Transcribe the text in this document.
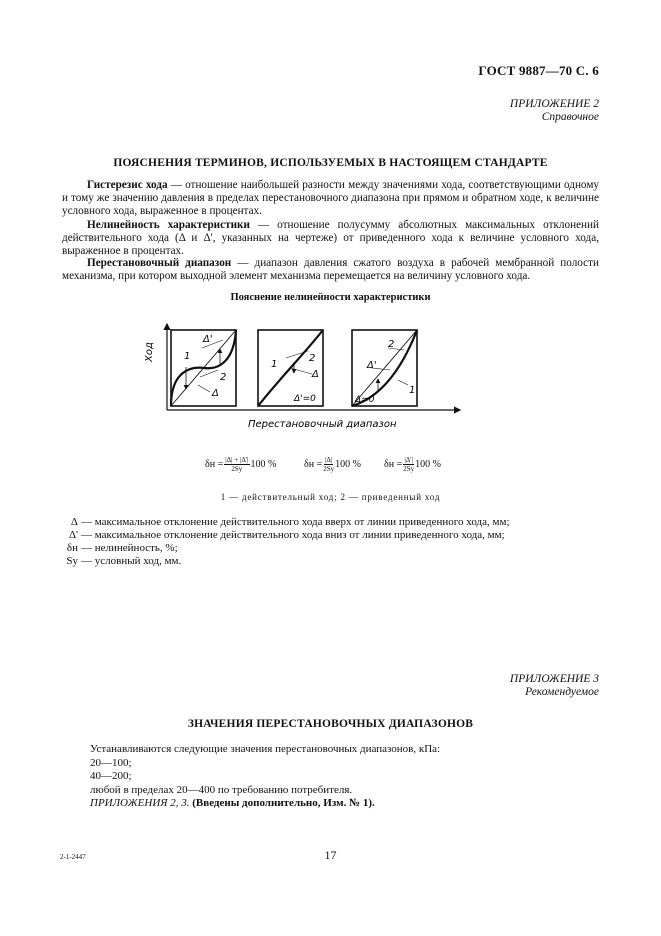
ГОСТ 9887—70 С. 6
ПРИЛОЖЕНИЕ 2
Справочное
ПОЯСНЕНИЯ ТЕРМИНОВ, ИСПОЛЬЗУЕМЫХ В НАСТОЯЩЕМ СТАНДАРТЕ
Гистерезис хода — отношение наибольшей разности между значениями хода, соответствующими одному и тому же значению давления в пределах перестановочного диапазона при прямом и обратном ходе, к величине условного хода, выраженное в процентах.
Нелинейность характеристики — отношение полусумму абсолютных максимальных отклонений действительного хода (Δ и Δ', указанных на чертеже) от приведенного хода к величине условного хода, выраженное в процентах.
Перестановочный диапазон — диапазон давления сжатого воздуха в рабочей мембранной полости механизма, при котором выходной элемент механизма перемещается на величину условного хода.
Пояснение нелинейности характеристики
Ход
Перестановочный диапазон
Δ'
1
2
Δ
1
2
Δ
Δ'=0
2
Δ'
1
Δ=0
$\delta н = \frac{|\Delta| + |\Delta'|}{2Sу} 100$ %	$\delta н = \frac{|\Delta|}{2Sу} 100$ % $\delta н = \frac{|\Delta'|}{2Sу} 100$ %
1 — действительный ход; 2 — приведенный ход
Δ — максимальное отклонение действительного хода вверх от линии приведенного хода, мм;
Δ' — максимальное отклонение действительного хода вниз от линии приведенного хода, мм;
δн — нелинейность, %;
Sу — условный ход, мм.
ПРИЛОЖЕНИЕ 3
Рекомендуемое
ЗНАЧЕНИЯ ПЕРЕСТАНОВОЧНЫХ ДИАПАЗОНОВ
Устанавливаются следующие значения перестановочных диапазонов, кПа:
20—100;
40—200;
любой в пределах 20—400 по требованию потребителя.
ПРИЛОЖЕНИЯ 2, 3. (Введены дополнительно, Изм. № 1).
2-1-2447	17
